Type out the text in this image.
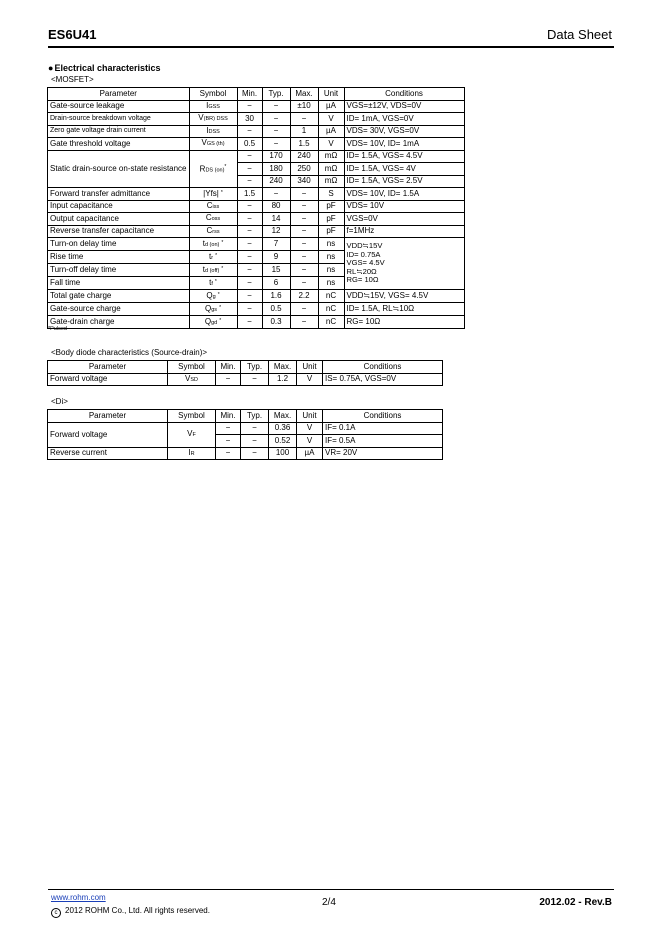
ES6U41	Data Sheet
●Electrical characteristics
<MOSFET>
Parameter	Symbol	Min.	Typ.	Max.	Unit	Conditions
Gate-source leakage	IGSS	−	−	±10	µA	VGS=±12V, VDS=0V
Drain-source breakdown voltage	V(BR) DSS	30	−	−	V	ID= 1mA, VGS=0V
Zero gate voltage drain current	IDSS	−	−	1	µA	VDS= 30V, VGS=0V
Gate threshold voltage	VGS (th)	0.5	−	1.5	V	VDS= 10V, ID= 1mA
Static drain-source on-state resistance	RDS (on)*	−	170	240	mΩ	ID= 1.5A, VGS= 4.5V
		−	180	250	mΩ	ID= 1.5A, VGS= 4V
		−	240	340	mΩ	ID= 1.5A, VGS= 2.5V
Forward transfer admittance	|Yfs| *	1.5	−	−	S	VDS= 10V, ID= 1.5A
Input capacitance	Ciss	−	80	−	pF	VDS= 10V
Output capacitance	Coss	−	14	−	pF	VGS=0V
Reverse transfer capacitance	Crss	−	12	−	pF	f=1MHz
Turn-on delay time	td (on) *	−	7	−	ns	VDD≒15V
ID= 0.75A
VGS= 4.5V
RL≒20Ω
RG= 10Ω

Rise time	tr *	−	9	−	ns	
Turn-off delay time	td (off) *	−	15	−	ns	
Fall time	tf *	−	6	−	ns	
Total gate charge	Qg *	−	1.6	2.2	nC	VDD≒15V, VGS= 4.5V
Gate-source charge	Qgs *	−	0.5	−	nC	ID= 1.5A, RL≒10Ω
Gate-drain charge	Qgd *	−	0.3	−	nC	RG= 10Ω
*Pulsed
<Body diode characteristics (Source-drain)>
Parameter	Symbol	Min.	Typ.	Max.	Unit	Conditions
Forward voltage	VSD	−	−	1.2	V	IS= 0.75A, VGS=0V
<Di>
Parameter	Symbol	Min.	Typ.	Max.	Unit	Conditions
Forward voltage	VF	−	−	0.36	V	IF= 0.1A
		−	−	0.52	V	IF= 0.5A
Reverse current	IR	−	−	100	µA	VR= 20V
www.rohm.com
c 2012 ROHM Co., Ltd. All rights reserved.
2/4	2012.02 - Rev.B
